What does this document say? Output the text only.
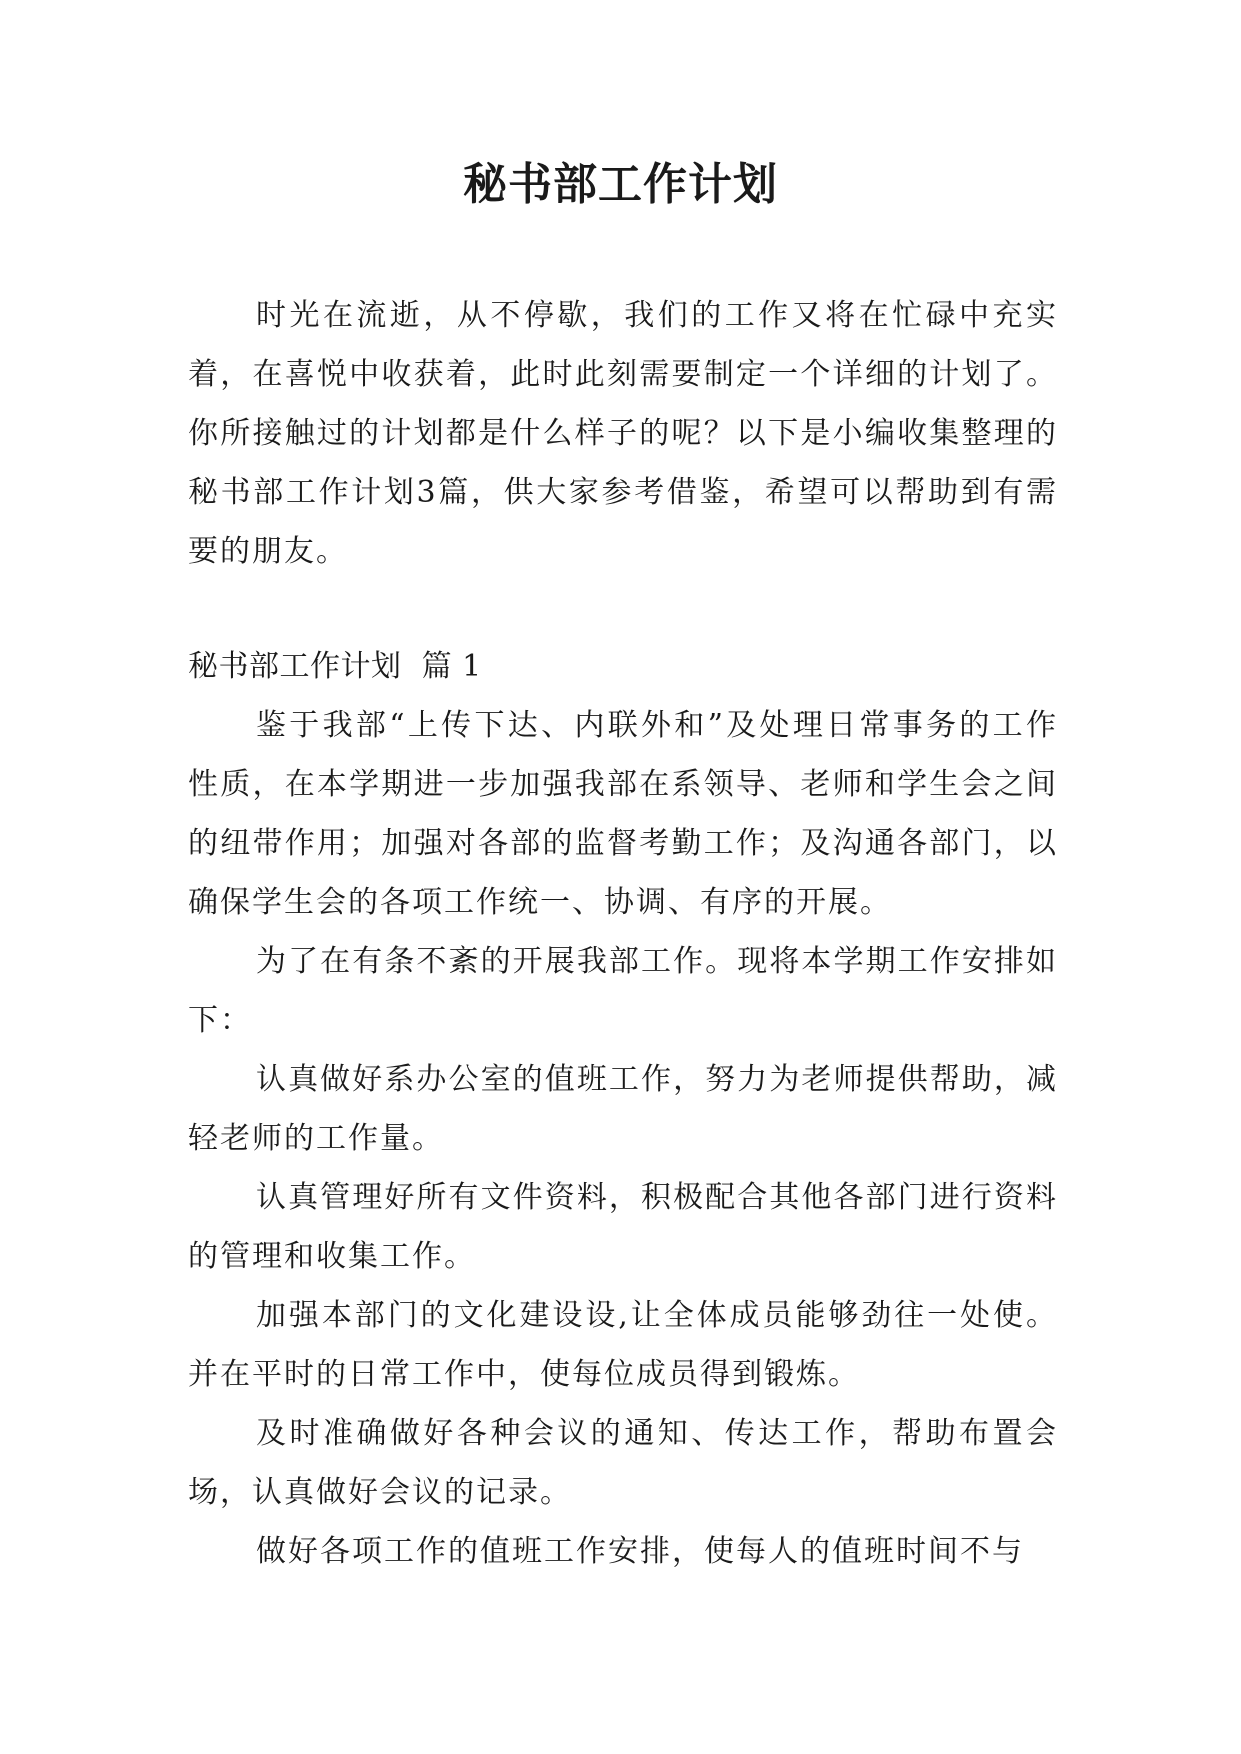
秘书部工作计划

时光在流逝，从不停歇，我们的工作又将在忙碌中充实着，在喜悦中收获着，此时此刻需要制定一个详细的计划了。你所接触过的计划都是什么样子的呢？以下是小编收集整理的秘书部工作计划3篇，供大家参考借鉴，希望可以帮助到有需要的朋友。

秘书部工作计划  篇 1

鉴于我部“上传下达、内联外和”及处理日常事务的工作性质，在本学期进一步加强我部在系领导、老师和学生会之间的纽带作用；加强对各部的监督考勤工作；及沟通各部门，以确保学生会的各项工作统一、协调、有序的开展。

为了在有条不紊的开展我部工作。现将本学期工作安排如下：

认真做好系办公室的值班工作，努力为老师提供帮助，减轻老师的工作量。

认真管理好所有文件资料，积极配合其他各部门进行资料的管理和收集工作。

加强本部门的文化建设设,让全体成员能够劲往一处使。并在平时的日常工作中，使每位成员得到锻炼。

及时准确做好各种会议的通知、传达工作，帮助布置会场，认真做好会议的记录。

做好各项工作的值班工作安排，使每人的值班时间不与
